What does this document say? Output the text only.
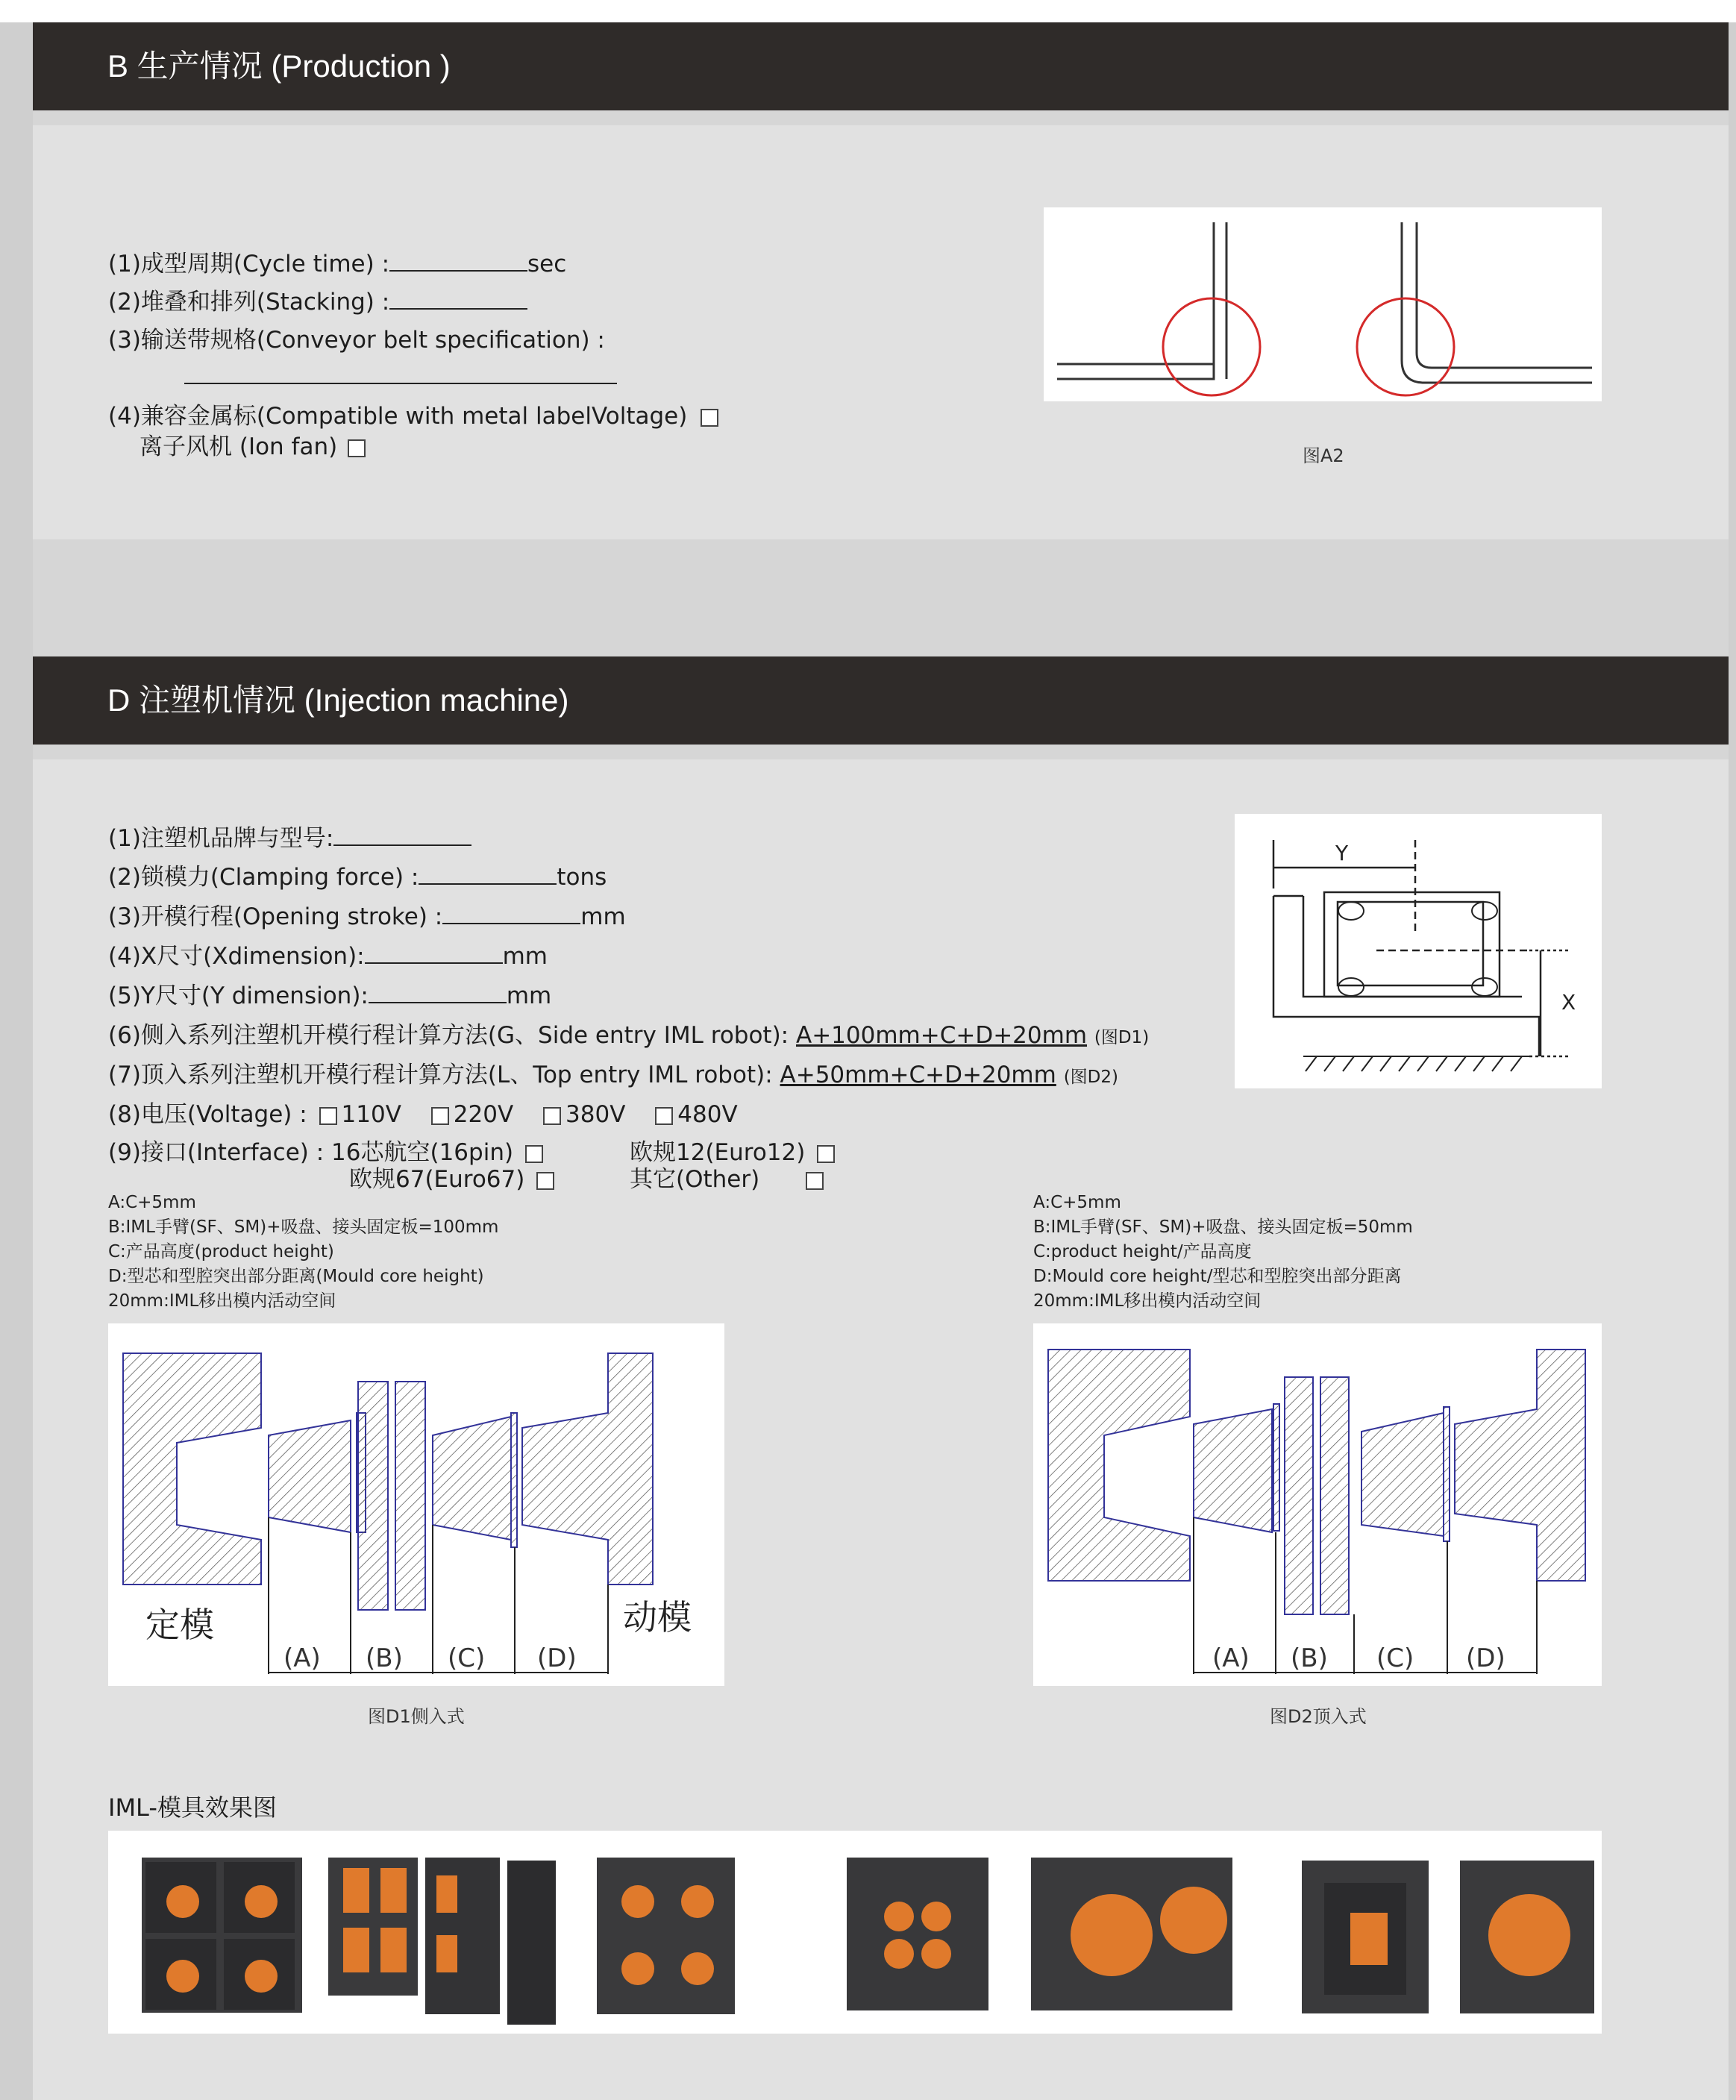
B 生产情况 (Production )
(1)成型周期(Cycle time) :	sec
(2)堆叠和排列(Stacking) :
(3)输送带规格(Conveyor belt specification) :
(4)兼容金属标(Compatible with metal labelVoltage)
离子风机 (Ion fan)	图A2
D 注塑机情况 (Injection machine)
(1)注塑机品牌与型号:
(2)锁模力(Clamping force) :	tons
(3)开模行程(Opening stroke) :	mm
(4)X尺寸(Xdimension):	mm
(5)Y尺寸(Y dimension):	mm
(6)侧入系列注塑机开模行程计算方法(G、Side entry IML robot): A+100mm+C+D+20mm (图D1)
(7)顶入系列注塑机开模行程计算方法(L、Top entry IML robot): A+50mm+C+D+20mm (图D2)
(8)电压(Voltage) : 110V 220V 380V 480V
(9)接口(Interface) : 16芯航空(16pin)	欧规12(Euro12)
欧规67(Euro67)	其它(Other)
Y
X
A:C+5mm
B:IML手臂(SF、SM)+吸盘、接头固定板=100mm
C:产品高度(product height)
D:型芯和型腔突出部分距离(Mould core height)
20mm:IML移出模内活动空间
A:C+5mm
B:IML手臂(SF、SM)+吸盘、接头固定板=50mm
C:product height/产品高度
D:Mould core height/型芯和型腔突出部分距离
20mm:IML移出模内活动空间
定模	动模
(A) (B) (C) (D)
图D1侧入式
(A) (B) (C) (D)
图D2顶入式
IML-模具效果图
